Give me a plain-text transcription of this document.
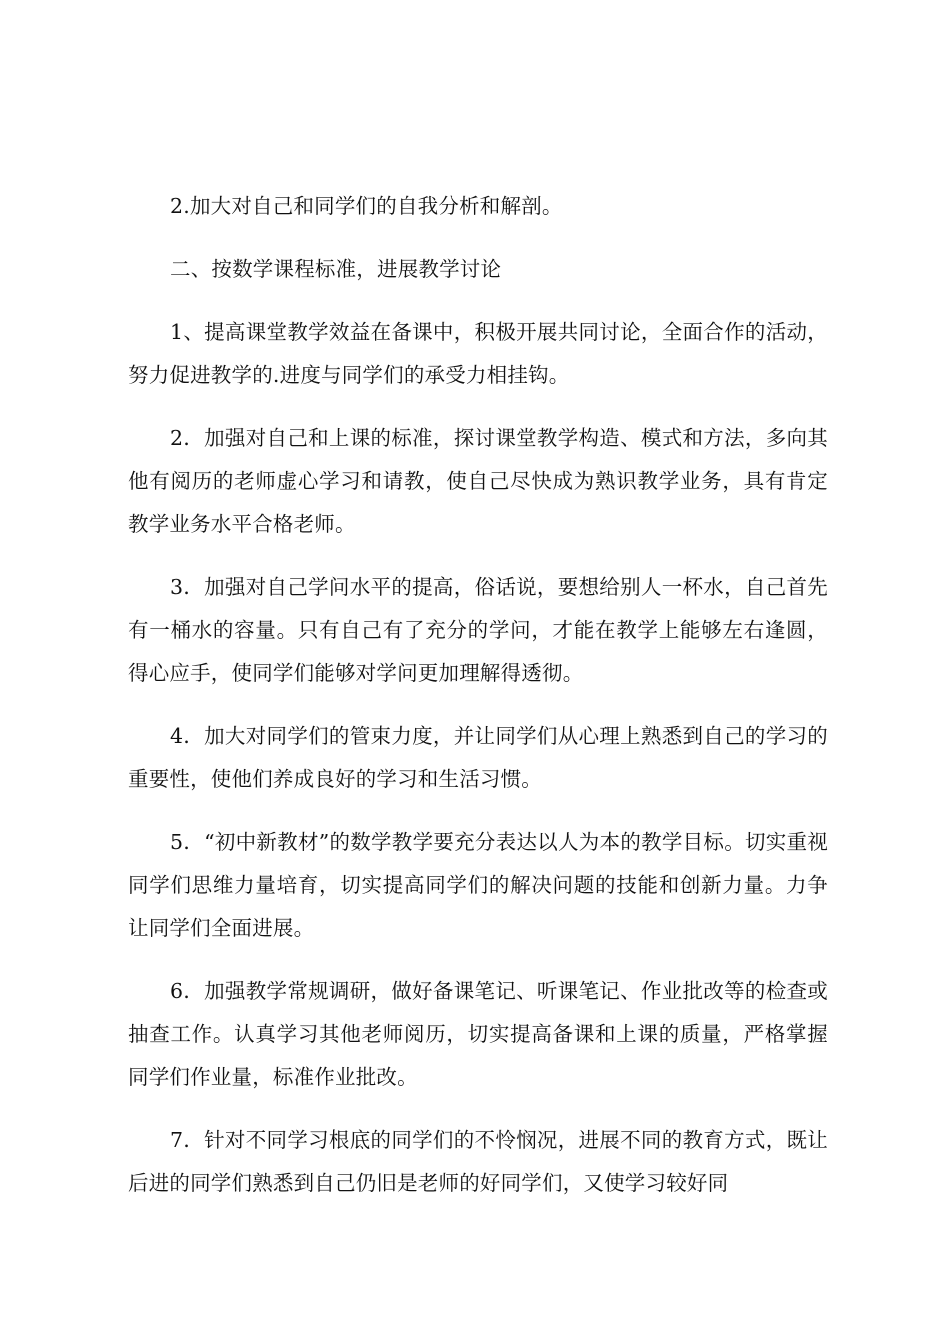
2.加大对自己和同学们的自我分析和解剖。

二、按数学课程标准，进展教学讨论

1、提高课堂教学效益在备课中，积极开展共同讨论，全面合作的活动，努力促进教学的.进度与同学们的承受力相挂钩。

2．加强对自己和上课的标准，探讨课堂教学构造、模式和方法，多向其他有阅历的老师虚心学习和请教，使自己尽快成为熟识教学业务，具有肯定教学业务水平合格老师。

3．加强对自己学问水平的提高，俗话说，要想给别人一杯水，自己首先有一桶水的容量。只有自己有了充分的学问，才能在教学上能够左右逢圆，得心应手，使同学们能够对学问更加理解得透彻。

4．加大对同学们的管束力度，并让同学们从心理上熟悉到自己的学习的重要性，使他们养成良好的学习和生活习惯。

5．“初中新教材”的数学教学要充分表达以人为本的教学目标。切实重视同学们思维力量培育，切实提高同学们的解决问题的技能和创新力量。力争让同学们全面进展。

6．加强教学常规调研，做好备课笔记、听课笔记、作业批改等的检查或抽查工作。认真学习其他老师阅历，切实提高备课和上课的质量，严格掌握同学们作业量，标准作业批改。

7．针对不同学习根底的同学们的不怜悯况，进展不同的教育方式，既让后进的同学们熟悉到自己仍旧是老师的好同学们，又使学习较好同
